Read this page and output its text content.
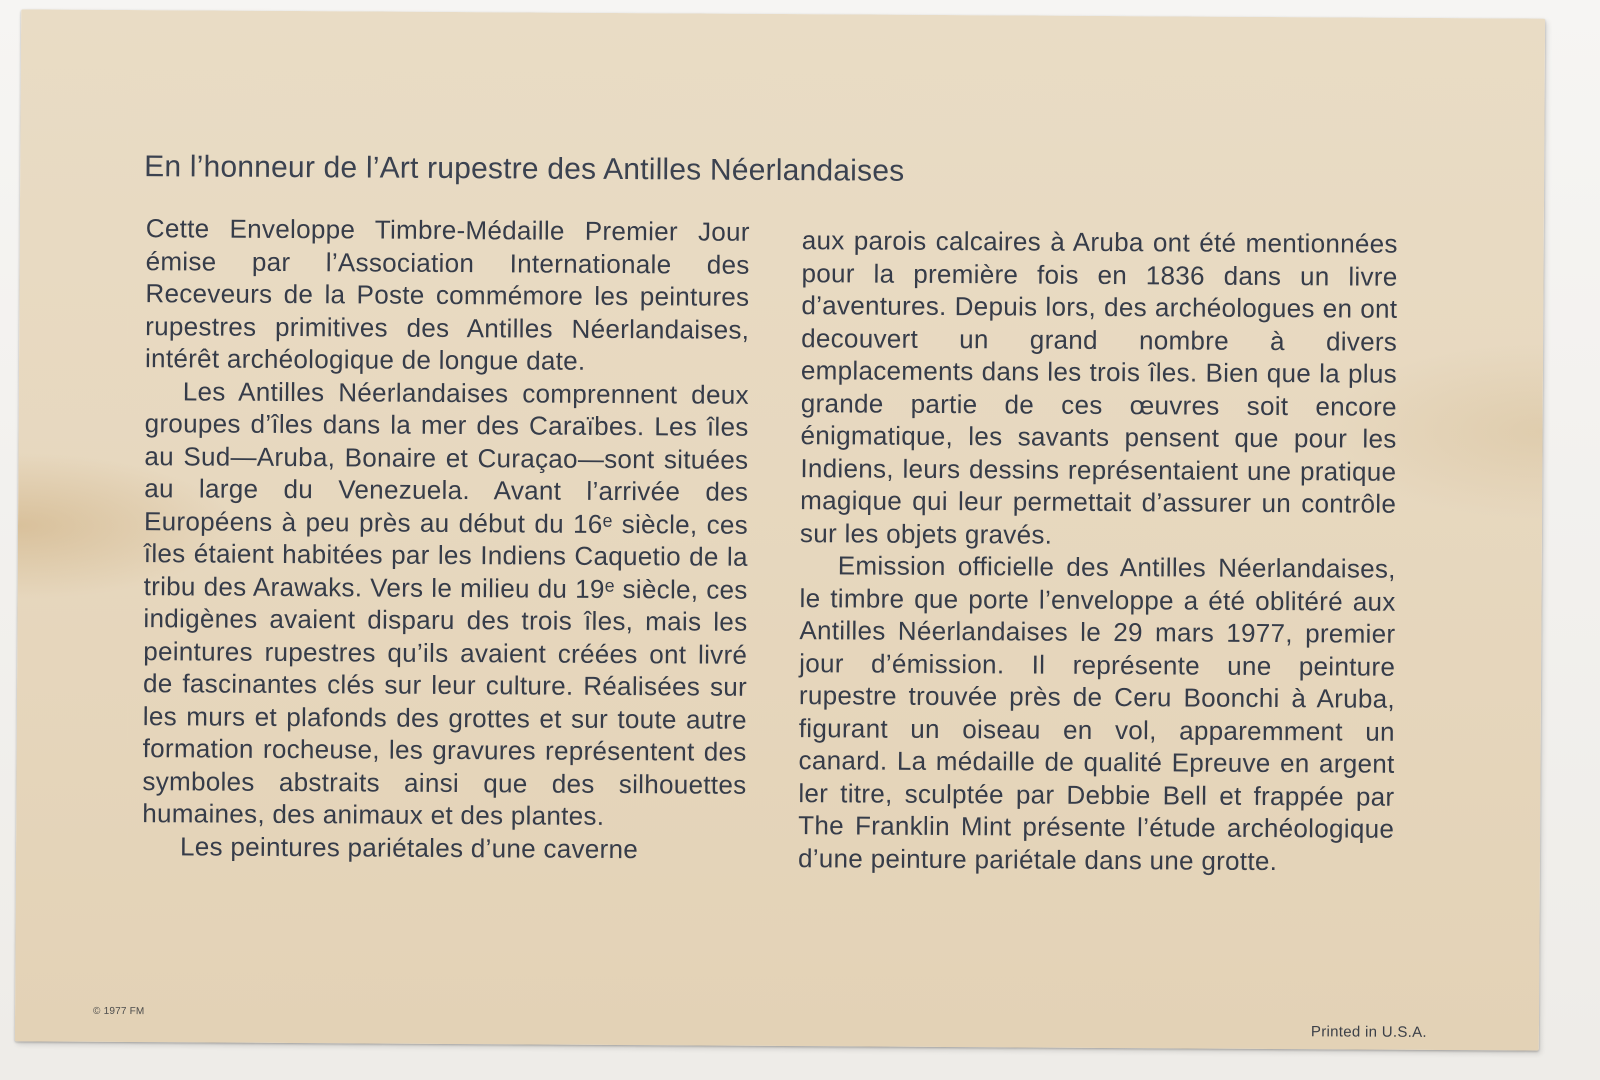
En l’honneur de l’Art rupestre des Antilles Néerlandaises

Cette Enveloppe Timbre-Médaille Premier Jour émise par l’Association Internationale des Receveurs de la Poste commémore les peintures rupestres primitives des Antilles Néerlandaises, intérêt archéologique de longue date.

Les Antilles Néerlandaises comprennent deux groupes d’îles dans la mer des Caraïbes. Les îles au Sud—Aruba, Bonaire et Curaçao—sont situées au large du Venezuela. Avant l’arrivée des Européens à peu près au début du 16ᵉ siècle, ces îles étaient habitées par les Indiens Caquetio de la tribu des Arawaks. Vers le milieu du 19ᵉ siècle, ces indigènes avaient disparu des trois îles, mais les peintures rupestres qu’ils avaient créées ont livré de fascinantes clés sur leur culture. Réalisées sur les murs et plafonds des grottes et sur toute autre formation rocheuse, les gravures représentent des symboles abstraits ainsi que des silhouettes humaines, des animaux et des plantes.

Les peintures pariétales d’une caverne

aux parois calcaires à Aruba ont été mentionnées pour la première fois en 1836 dans un livre d’aventures. Depuis lors, des archéologues en ont decouvert un grand nombre à divers emplacements dans les trois îles. Bien que la plus grande partie de ces œuvres soit encore énigmatique, les savants pensent que pour les Indiens, leurs dessins représentaient une pratique magique qui leur permettait d’assurer un contrôle sur les objets gravés.

Emission officielle des Antilles Néerlandaises, le timbre que porte l’enveloppe a été oblitéré aux Antilles Néerlandaises le 29 mars 1977, premier jour d’émission. Il représente une peinture rupestre trouvée près de Ceru Boonchi à Aruba, figurant un oiseau en vol, apparemment un canard. La médaille de qualité Epreuve en argent ler titre, sculptée par Debbie Bell et frappée par The Franklin Mint présente l’étude archéologique d’une peinture pariétale dans une grotte.

© 1977 FM
Printed in U.S.A.
